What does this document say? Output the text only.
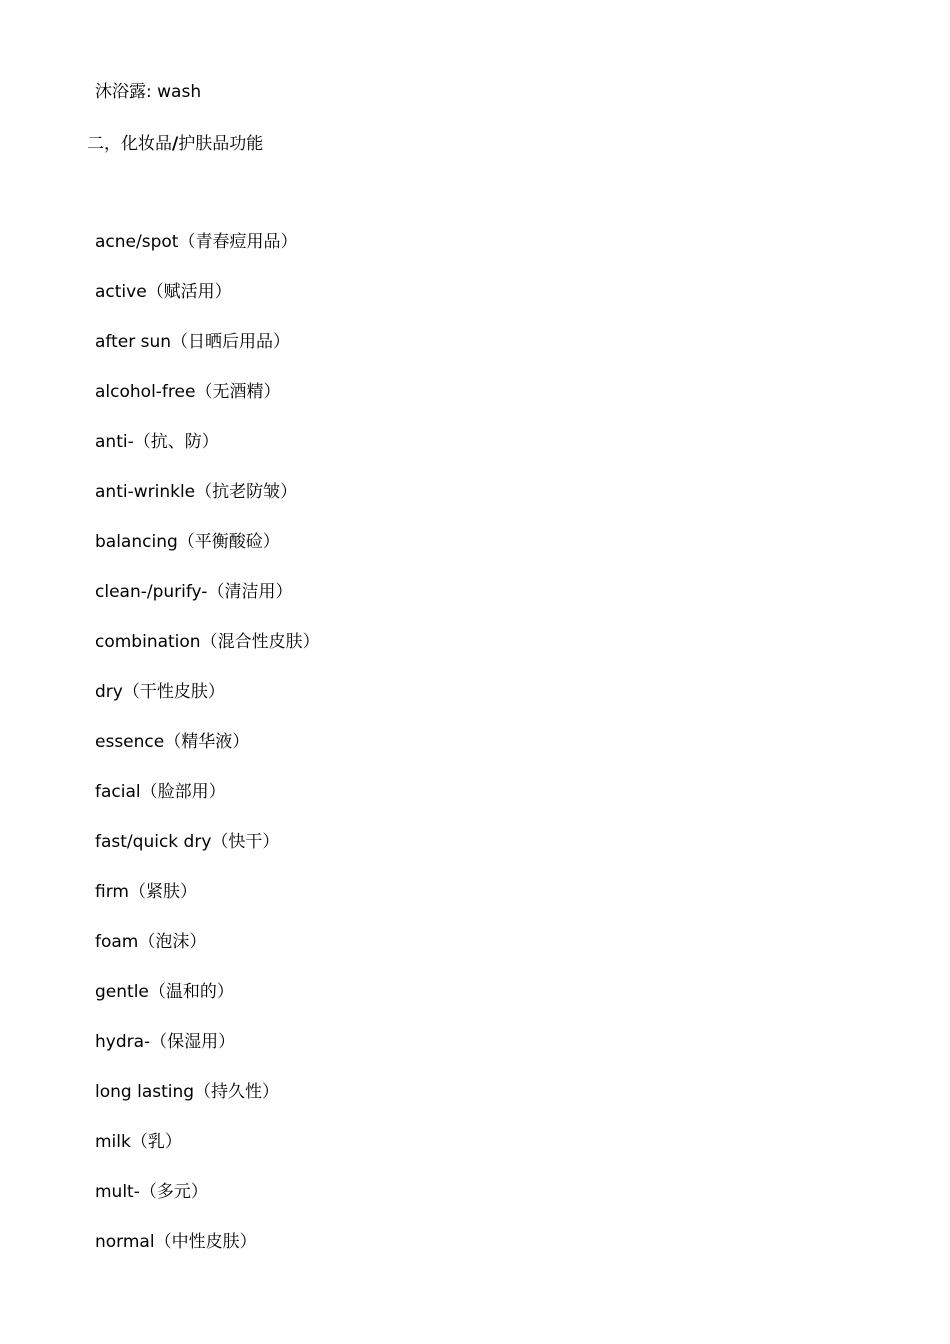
沐浴露: wash
二，化妆品/护肤品功能
acne/spot（青春痘用品）
active（赋活用）
after sun（日晒后用品）
alcohol-free（无酒精）
anti-（抗、防）
anti-wrinkle（抗老防皱）
balancing（平衡酸硷）
clean-/purify-（清洁用）
combination（混合性皮肤）
dry（干性皮肤）
essence（精华液）
facial（脸部用）
fast/quick dry（快干）
firm（紧肤）
foam（泡沫）
gentle（温和的）
hydra-（保湿用）
long lasting（持久性）
milk（乳）
mult-（多元）
normal（中性皮肤）
